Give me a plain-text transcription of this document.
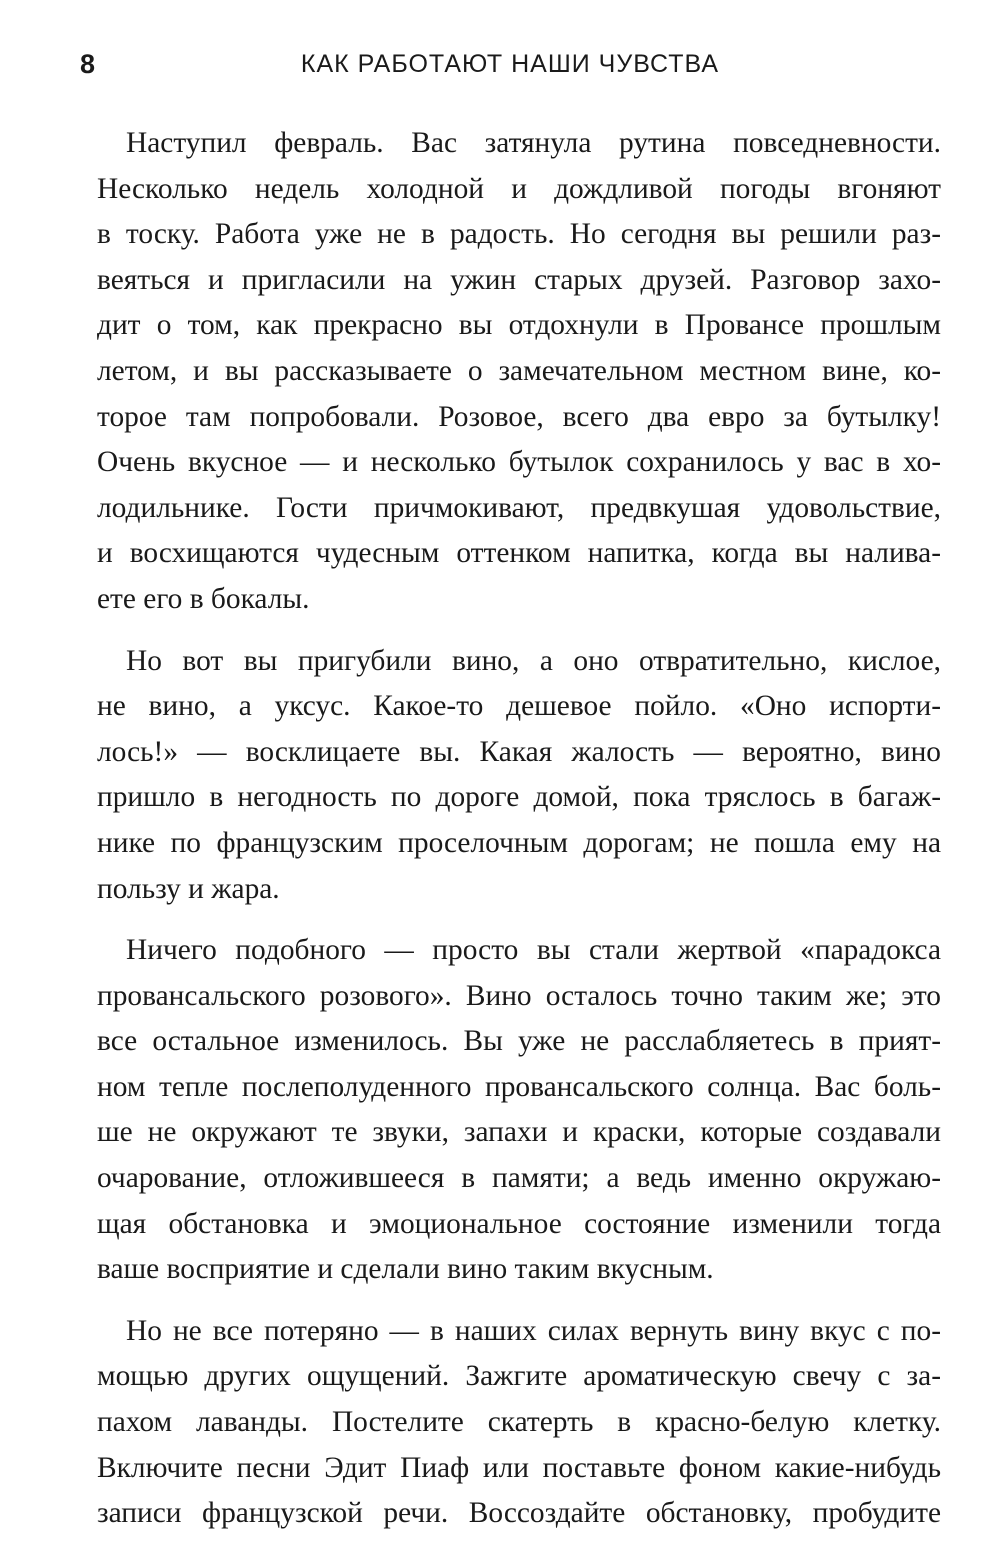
8	КАК РАБОТАЮТ НАШИ ЧУВСТВА

Наступил февраль. Вас затянула рутина повседневности.
Несколько недель холодной и дождливой погоды вгоняют
в тоску. Работа уже не в радость. Но сегодня вы решили раз-
веяться и пригласили на ужин старых друзей. Разговор захо-
дит о том, как прекрасно вы отдохнули в Провансе прошлым
летом, и вы рассказываете о замечательном местном вине, ко-
торое там попробовали. Розовое, всего два евро за бутылку!
Очень вкусное — и несколько бутылок сохранилось у вас в хо-
лодильнике. Гости причмокивают, предвкушая удовольствие,
и восхищаются чудесным оттенком напитка, когда вы налива-
ете его в бокалы.

Но вот вы пригубили вино, а оно отвратительно, кислое,
не вино, а уксус. Какое-то дешевое пойло. «Оно испорти-
лось!» — восклицаете вы. Какая жалость — вероятно, вино
пришло в негодность по дороге домой, пока тряслось в багаж-
нике по французским проселочным дорогам; не пошла ему на
пользу и жара.

Ничего подобного — просто вы стали жертвой «парадокса
провансальского розового». Вино осталось точно таким же; это
все остальное изменилось. Вы уже не расслабляетесь в прият-
ном тепле послеполуденного провансальского солнца. Вас боль-
ше не окружают те звуки, запахи и краски, которые создавали
очарование, отложившееся в памяти; а ведь именно окружаю-
щая обстановка и эмоциональное состояние изменили тогда
ваше восприятие и сделали вино таким вкусным.

Но не все потеряно — в наших силах вернуть вину вкус с по-
мощью других ощущений. Зажгите ароматическую свечу с за-
пахом лаванды. Постелите скатерть в красно-белую клетку.
Включите песни Эдит Пиаф или поставьте фоном какие-нибудь
записи французской речи. Воссоздайте обстановку, пробудите
